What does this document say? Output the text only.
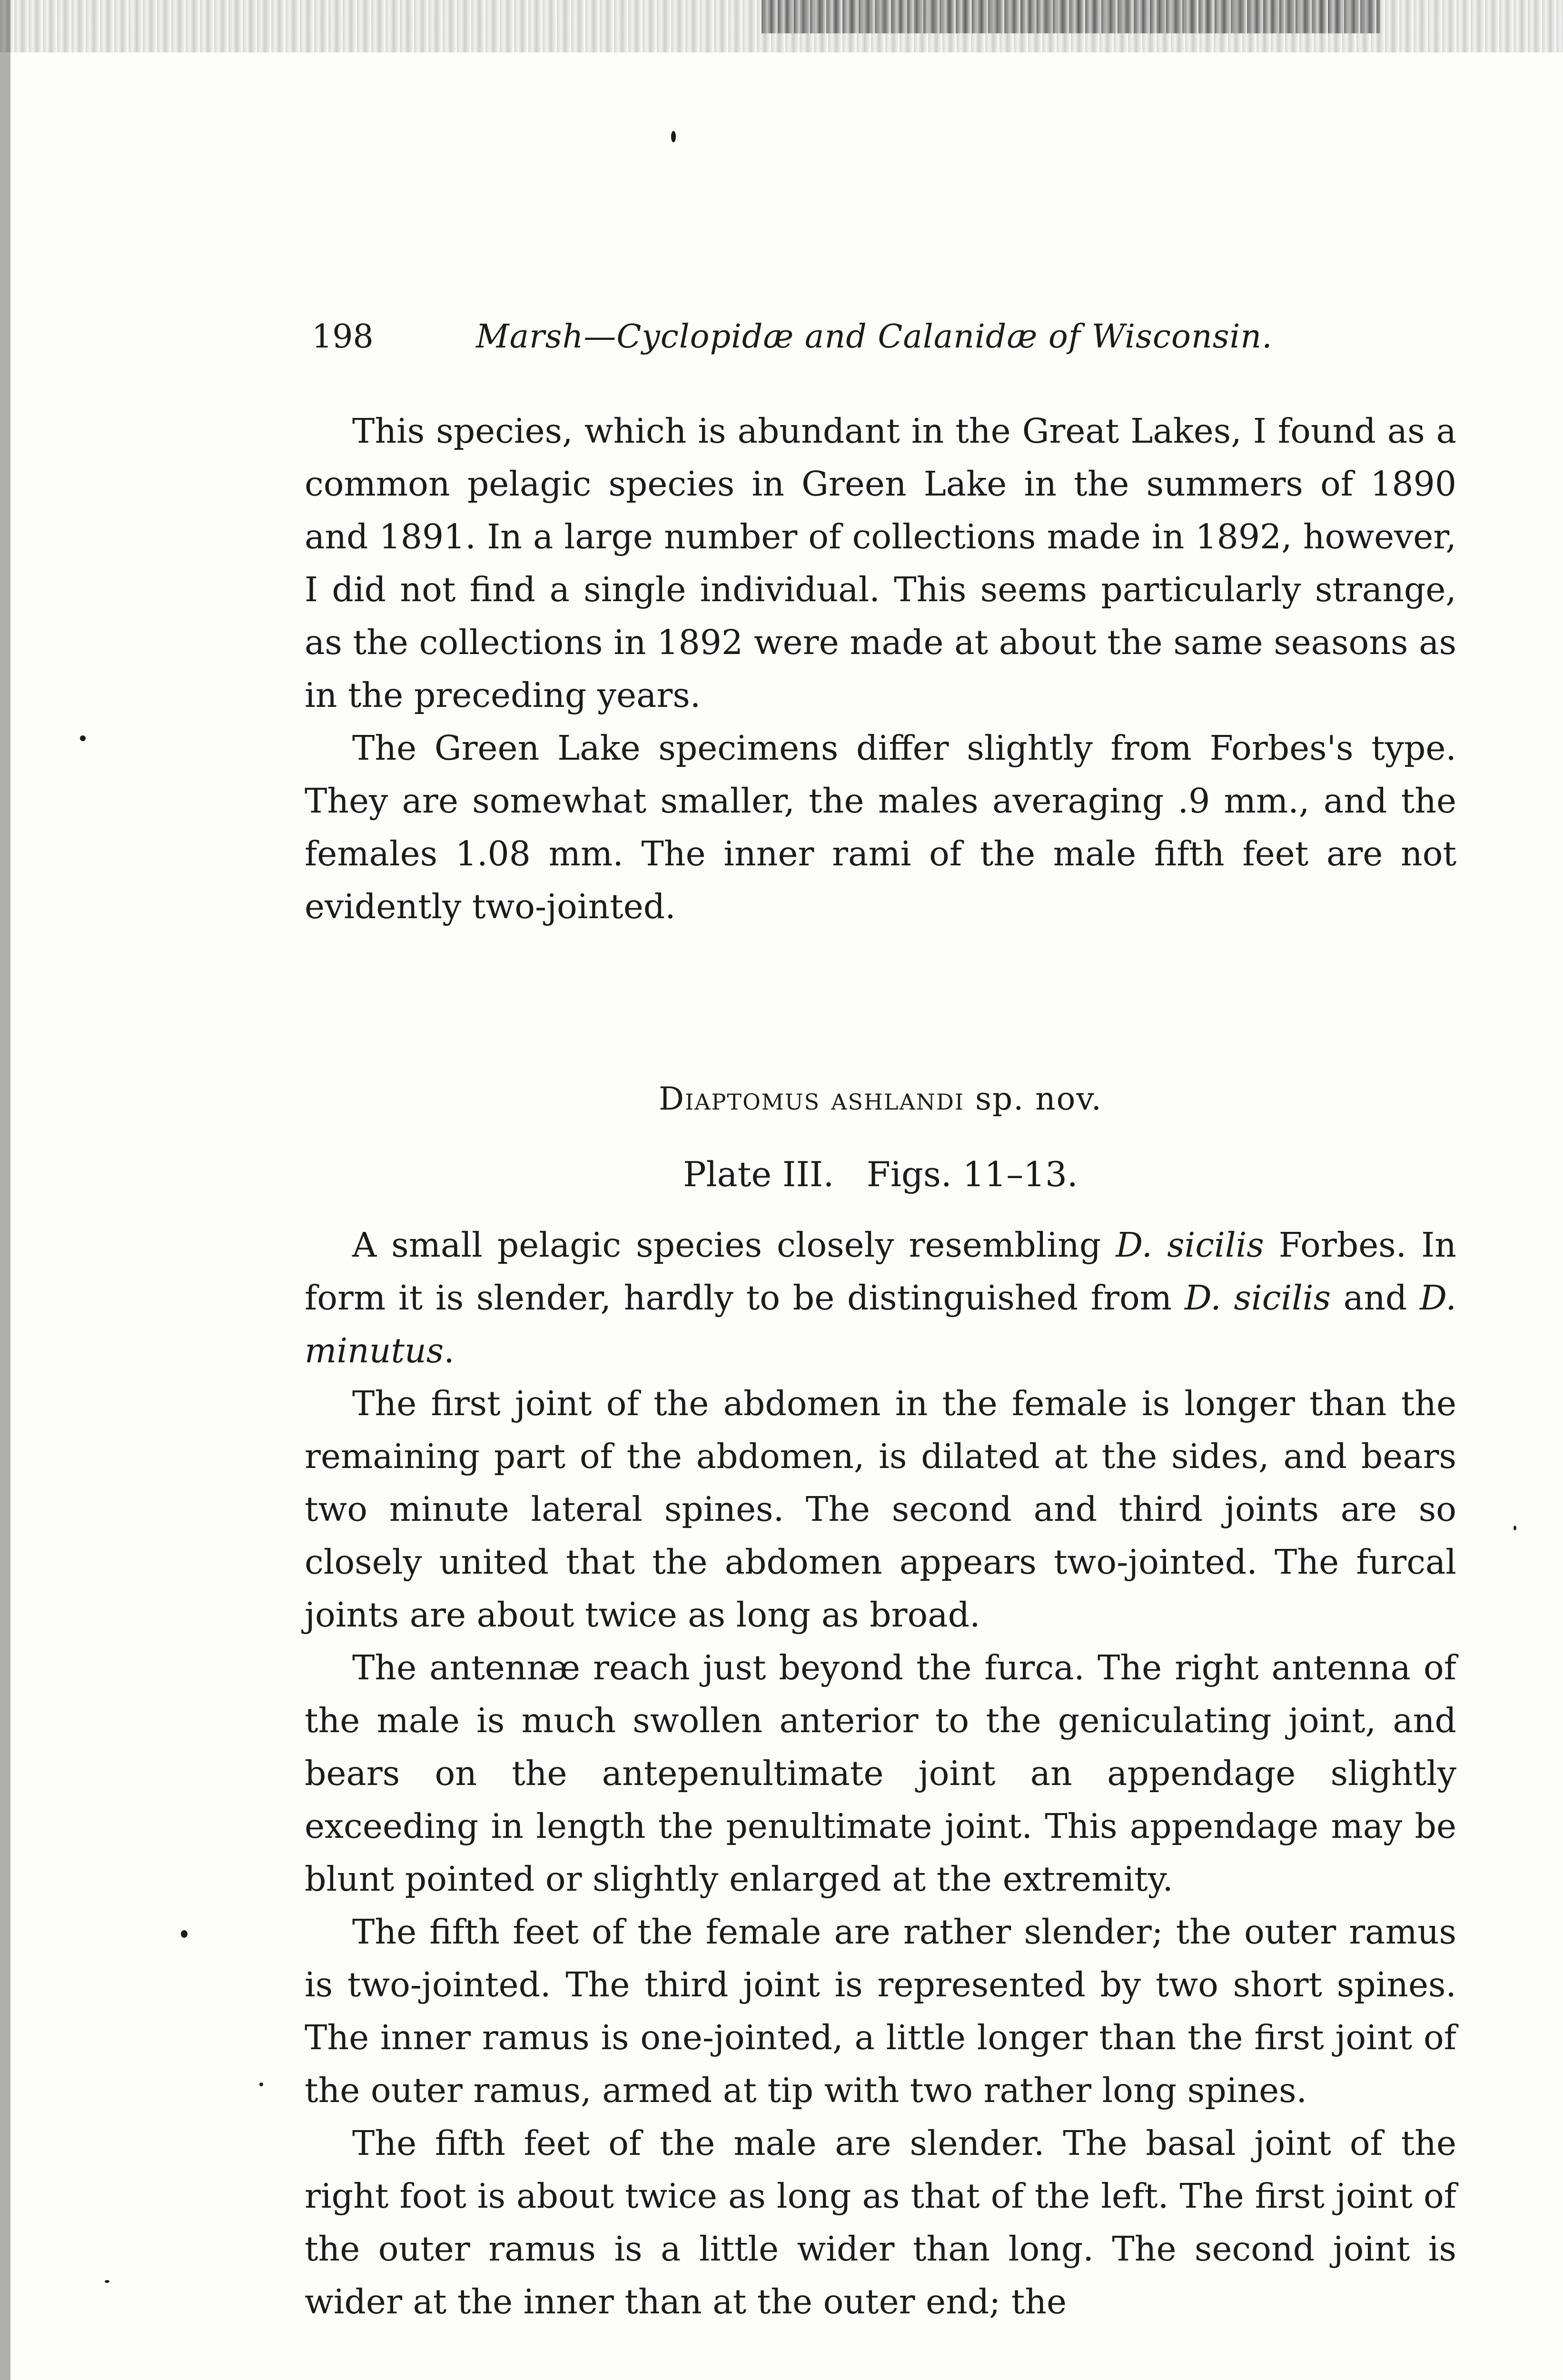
198	Marsh—Cyclopidæ and Calanidæ of Wisconsin.

This species, which is abundant in the Great Lakes, I found as a common pelagic species in Green Lake in the summers of 1890 and 1891. In a large number of collections made in 1892, however, I did not find a single individual. This seems particularly strange, as the collections in 1892 were made at about the same seasons as in the preceding years.

The Green Lake specimens differ slightly from Forbes's type. They are somewhat smaller, the males averaging .9 mm., and the females 1.08 mm. The inner rami of the male fifth feet are not evidently two-jointed.

Diaptomus ashlandi sp. nov.
Plate III.   Figs. 11–13.

A small pelagic species closely resembling D. sicilis Forbes. In form it is slender, hardly to be distinguished from D. sicilis and D. minutus.

The first joint of the abdomen in the female is longer than the remaining part of the abdomen, is dilated at the sides, and bears two minute lateral spines. The second and third joints are so closely united that the abdomen appears two-jointed. The furcal joints are about twice as long as broad.

The antennæ reach just beyond the furca. The right antenna of the male is much swollen anterior to the geniculating joint, and bears on the antepenultimate joint an appendage slightly exceeding in length the penultimate joint. This appendage may be blunt pointed or slightly enlarged at the extremity.

The fifth feet of the female are rather slender; the outer ramus is two-jointed. The third joint is represented by two short spines. The inner ramus is one-jointed, a little longer than the first joint of the outer ramus, armed at tip with two rather long spines.

The fifth feet of the male are slender. The basal joint of the right foot is about twice as long as that of the left. The first joint of the outer ramus is a little wider than long. The second joint is wider at the inner than at the outer end; the
